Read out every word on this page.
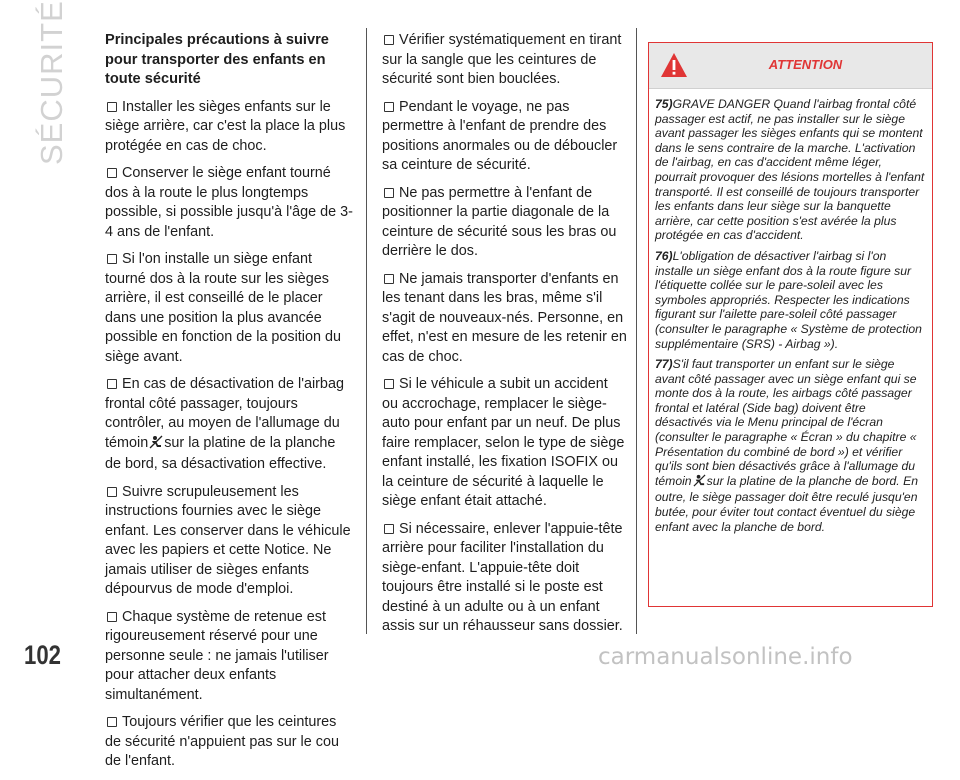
SÉCURITÉ
102

Principales précautions à suivre pour transporter des enfants en toute sécurité

Installer les sièges enfants sur le siège arrière, car c'est la place la plus protégée en cas de choc.

Conserver le siège enfant tourné dos à la route le plus longtemps possible, si possible jusqu'à l'âge de 3-4 ans de l'enfant.

Si l'on installe un siège enfant tourné dos à la route sur les sièges arrière, il est conseillé de le placer dans une position la plus avancée possible en fonction de la position du siège avant.

En cas de désactivation de l'airbag frontal côté passager, toujours contrôler, au moyen de l'allumage du témoin sur la platine de la planche de bord, sa désactivation effective.

Suivre scrupuleusement les instructions fournies avec le siège enfant. Les conserver dans le véhicule avec les papiers et cette Notice. Ne jamais utiliser de sièges enfants dépourvus de mode d'emploi.

Chaque système de retenue est rigoureusement réservé pour une personne seule : ne jamais l'utiliser pour attacher deux enfants simultanément.

Toujours vérifier que les ceintures de sécurité n'appuient pas sur le cou de l'enfant.

Vérifier systématiquement en tirant sur la sangle que les ceintures de sécurité sont bien bouclées.

Pendant le voyage, ne pas permettre à l'enfant de prendre des positions anormales ou de déboucler sa ceinture de sécurité.

Ne pas permettre à l'enfant de positionner la partie diagonale de la ceinture de sécurité sous les bras ou derrière le dos.

Ne jamais transporter d'enfants en les tenant dans les bras, même s'il s'agit de nouveaux-nés. Personne, en effet, n'est en mesure de les retenir en cas de choc.

Si le véhicule a subit un accident ou accrochage, remplacer le siège-auto pour enfant par un neuf. De plus faire remplacer, selon le type de siège enfant installé, les fixation ISOFIX ou la ceinture de sécurité à laquelle le siège enfant était attaché.

Si nécessaire, enlever l'appuie-tête arrière pour faciliter l'installation du siège-enfant. L'appuie-tête doit toujours être installé si le poste est destiné à un adulte ou à un enfant assis sur un réhausseur sans dossier.

ATTENTION

75)GRAVE DANGER Quand l'airbag frontal côté passager est actif, ne pas installer sur le siège avant passager les sièges enfants qui se montent dans le sens contraire de la marche. L'activation de l'airbag, en cas d'accident même léger, pourrait provoquer des lésions mortelles à l'enfant transporté. Il est conseillé de toujours transporter les enfants dans leur siège sur la banquette arrière, car cette position s'est avérée la plus protégée en cas d'accident.

76)L'obligation de désactiver l'airbag si l'on installe un siège enfant dos à la route figure sur l'étiquette collée sur le pare-soleil avec les symboles appropriés. Respecter les indications figurant sur l'ailette pare-soleil côté passager (consulter le paragraphe « Système de protection supplémentaire (SRS) - Airbag »).

77)S'il faut transporter un enfant sur le siège avant côté passager avec un siège enfant qui se monte dos à la route, les airbags côté passager frontal et latéral (Side bag) doivent être désactivés via le Menu principal de l'écran (consulter le paragraphe « Écran » du chapitre « Présentation du combiné de bord ») et vérifier qu'ils sont bien désactivés grâce à l'allumage du témoin sur la platine de la planche de bord. En outre, le siège passager doit être reculé jusqu'en butée, pour éviter tout contact éventuel du siège enfant avec la planche de bord.

carmanualsonline.info
